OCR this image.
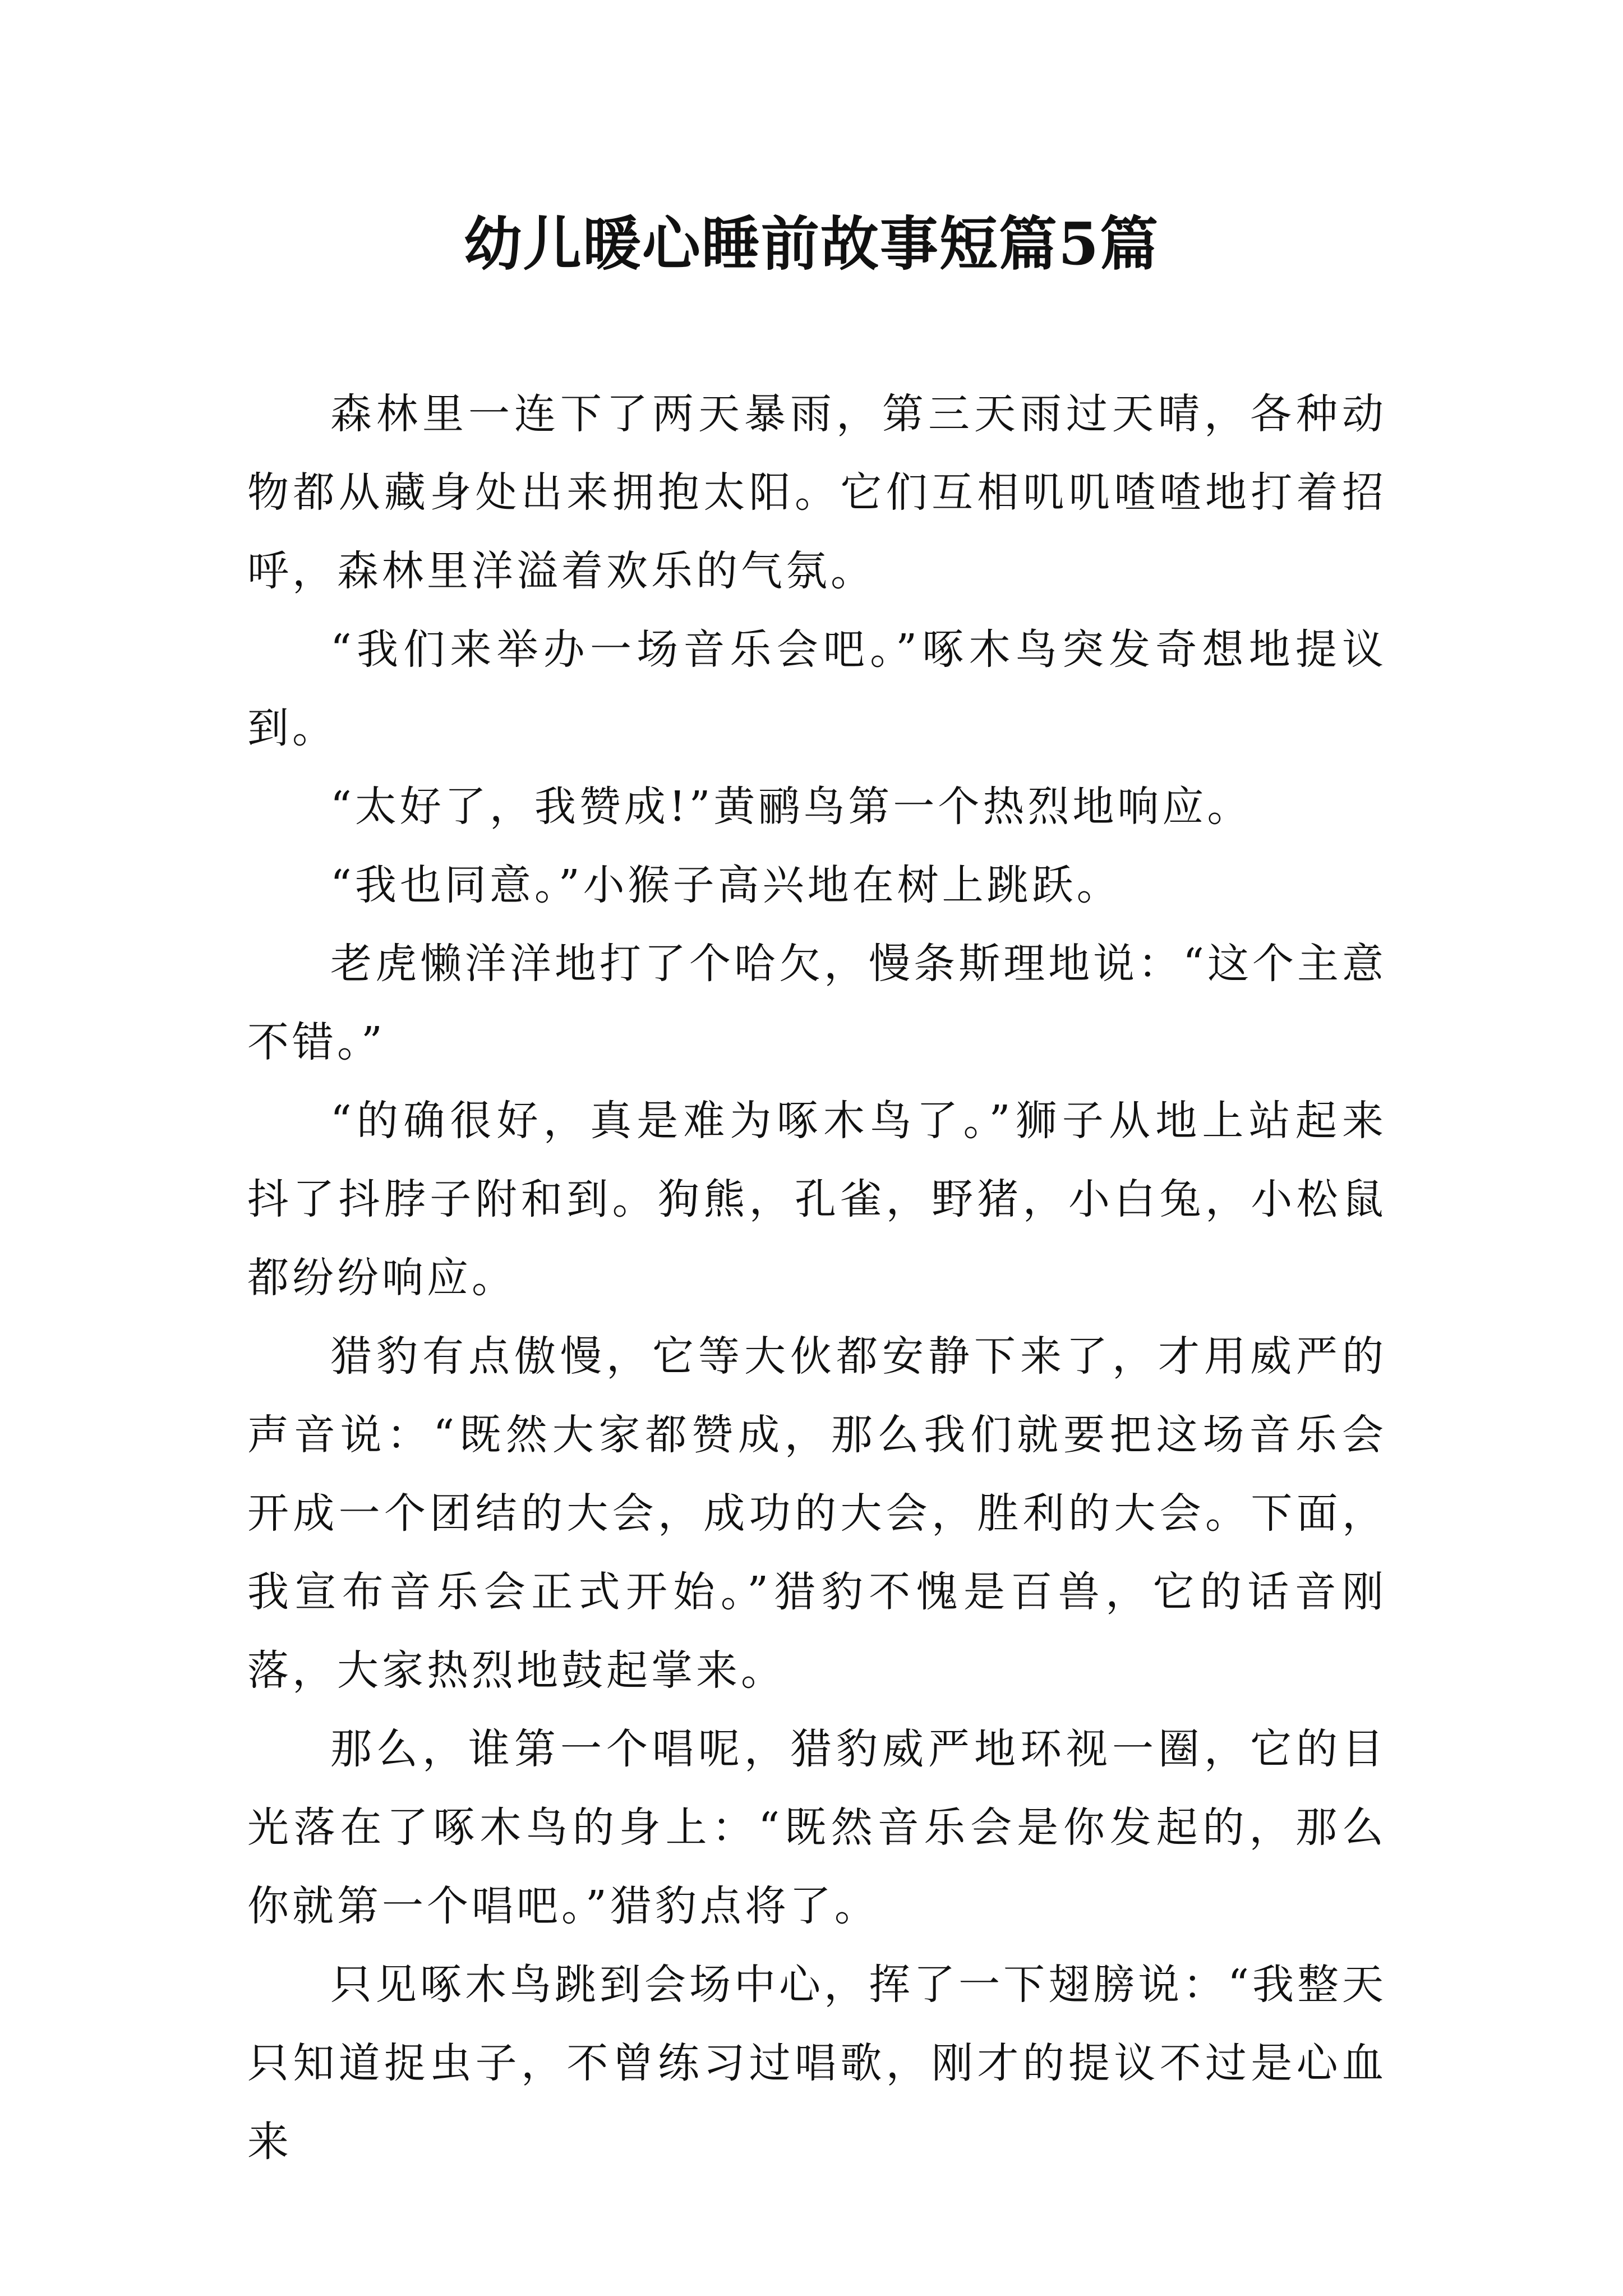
幼儿暖心睡前故事短篇5篇

森林里一连下了两天暴雨，第三天雨过天晴，各种动物都从藏身处出来拥抱太阳。它们互相叽叽喳喳地打着招呼，森林里洋溢着欢乐的气氛。

“我们来举办一场音乐会吧。”啄木鸟突发奇想地提议到。

“太好了，我赞成!”黄鹂鸟第一个热烈地响应。

“我也同意。”小猴子高兴地在树上跳跃。

老虎懒洋洋地打了个哈欠，慢条斯理地说：“这个主意不错。”

“的确很好，真是难为啄木鸟了。”狮子从地上站起来抖了抖脖子附和到。狗熊，孔雀，野猪，小白兔，小松鼠都纷纷响应。

猎豹有点傲慢，它等大伙都安静下来了，才用威严的声音说：“既然大家都赞成，那么我们就要把这场音乐会开成一个团结的大会，成功的大会，胜利的大会。下面，我宣布音乐会正式开始。”猎豹不愧是百兽，它的话音刚落，大家热烈地鼓起掌来。

那么，谁第一个唱呢，猎豹威严地环视一圈，它的目光落在了啄木鸟的身上：“既然音乐会是你发起的，那么你就第一个唱吧。”猎豹点将了。

只见啄木鸟跳到会场中心，挥了一下翅膀说：“我整天只知道捉虫子，不曾练习过唱歌，刚才的提议不过是心血来
